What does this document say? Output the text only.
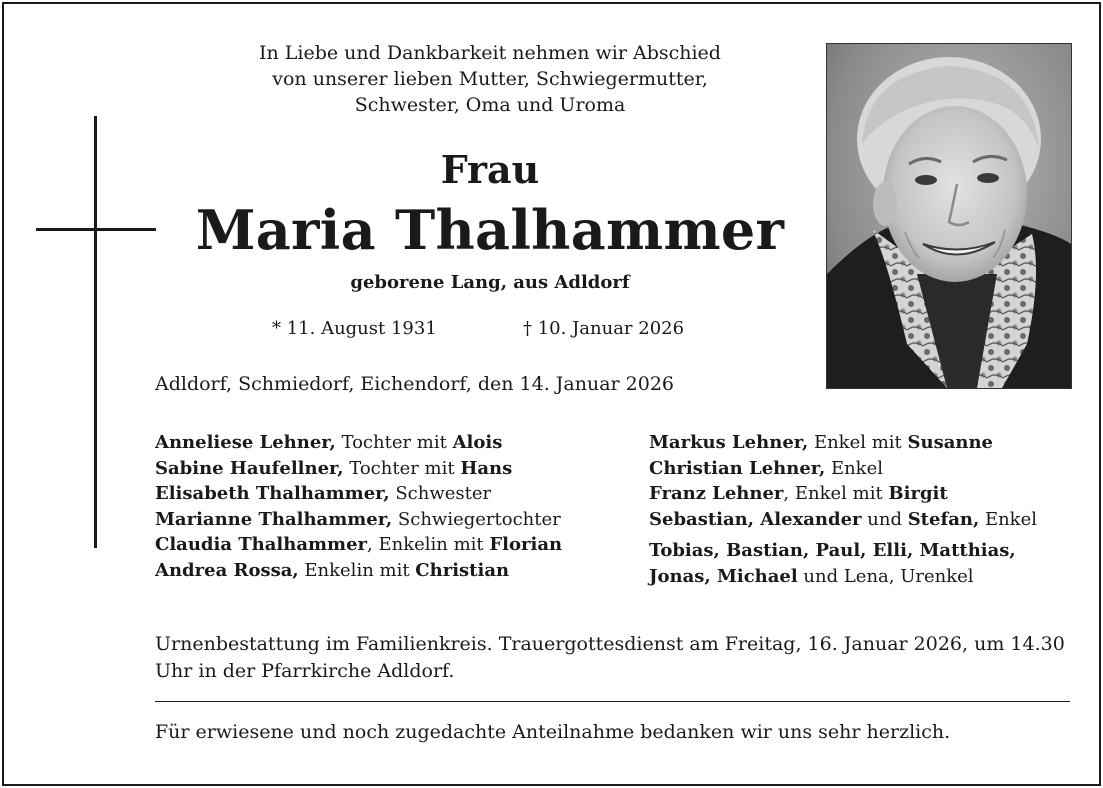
In Liebe und Dankbarkeit nehmen wir Abschied
von unserer lieben Mutter, Schwiegermutter,
Schwester, Oma und Uroma
Frau
Maria Thalhammer
geborene Lang, aus Adldorf
* 11. August 1931	† 10. Januar 2026
Adldorf, Schmiedorf, Eichendorf, den 14. Januar 2026
Anneliese Lehner, Tochter mit Alois
Sabine Haufellner, Tochter mit Hans
Elisabeth Thalhammer, Schwester
Marianne Thalhammer, Schwiegertochter
Claudia Thalhammer, Enkelin mit Florian
Andrea Rossa, Enkelin mit Christian
Markus Lehner, Enkel mit Susanne
Christian Lehner, Enkel
Franz Lehner, Enkel mit Birgit
Sebastian, Alexander und Stefan, Enkel
Tobias, Bastian, Paul, Elli, Matthias,
Jonas, Michael und Lena, Urenkel
Urnenbestattung im Familienkreis. Trauergottesdienst am Freitag, 16. Januar 2026, um 14.30 Uhr in der Pfarrkirche Adldorf.
Für erwiesene und noch zugedachte Anteilnahme bedanken wir uns sehr herzlich.
